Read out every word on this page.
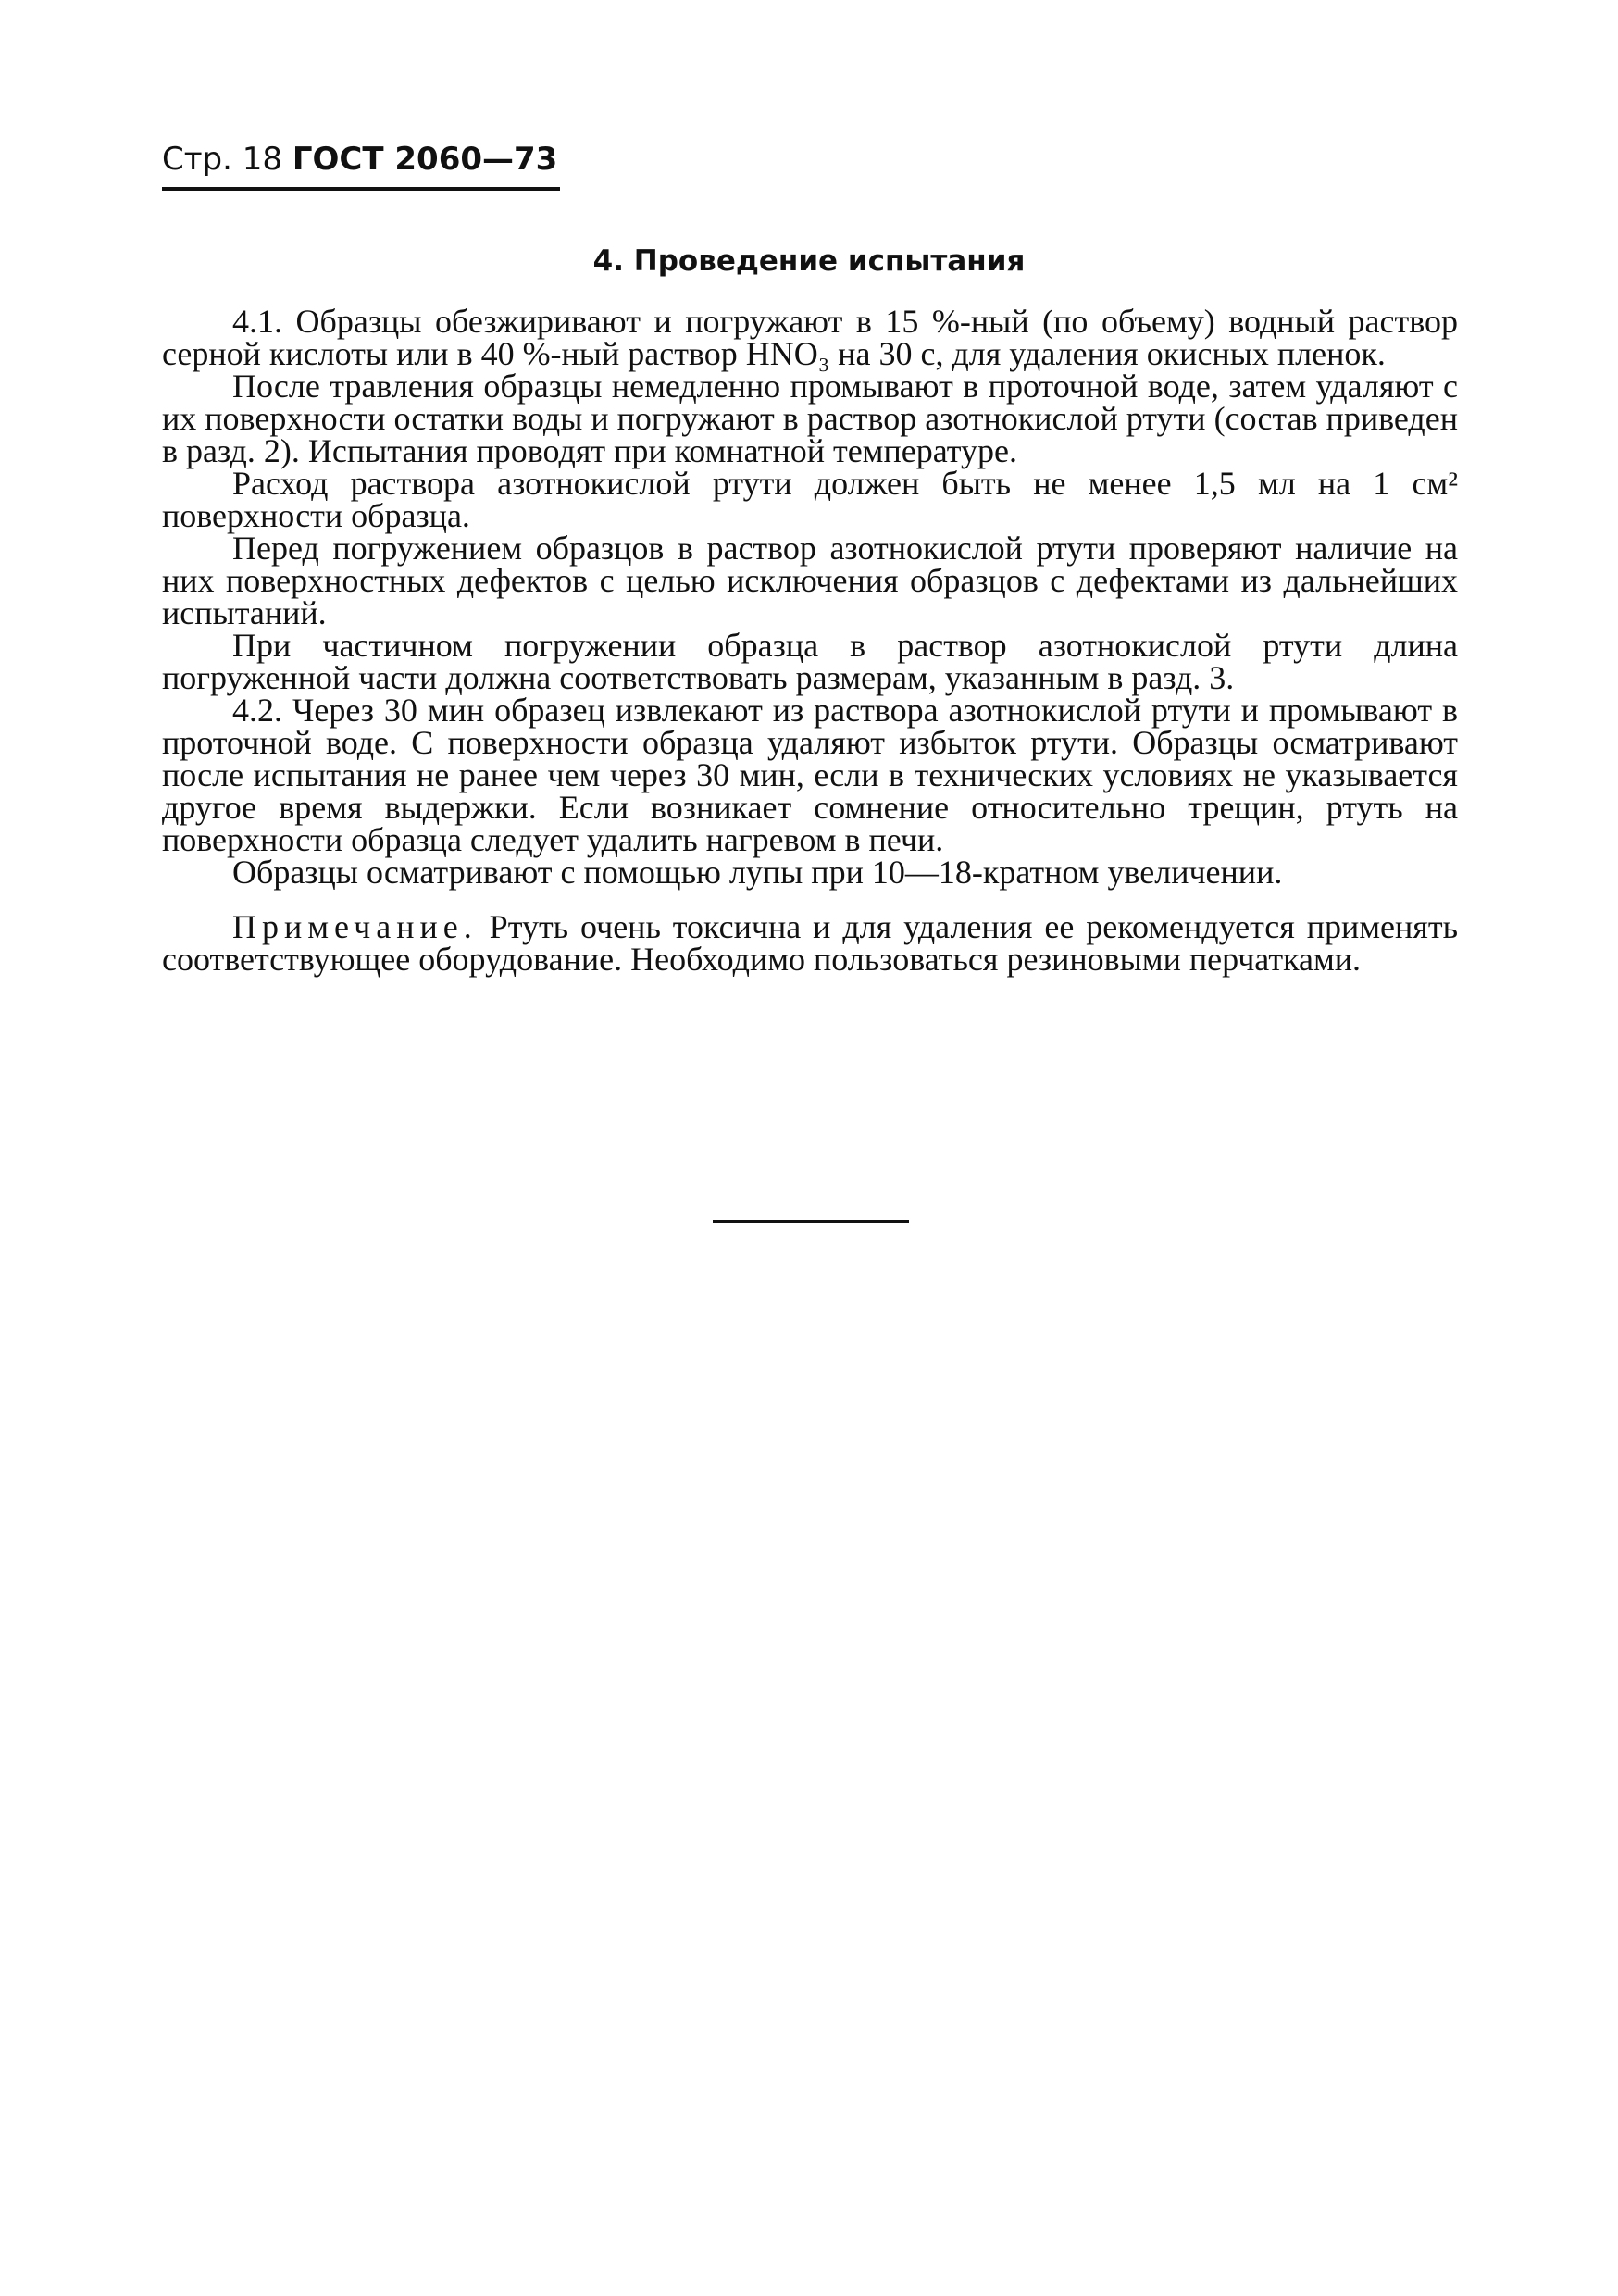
Стр. 18 ГОСТ 2060—73
4. Проведение испытания

4.1. Образцы обезжиривают и погружают в 15 %-ный (по объему) водный раствор серной кислоты или в 40 %-ный раствор HNO₃ на 30 с, для удаления окисных пленок.

После травления образцы немедленно промывают в проточной воде, затем удаляют с их поверхности остатки воды и погружают в раствор азотнокислой ртути (состав приведен в разд. 2). Испытания проводят при комнатной температуре.

Расход раствора азотнокислой ртути должен быть не менее 1,5 мл на 1 см² поверхности образца.

Перед погружением образцов в раствор азотнокислой ртути проверяют наличие на них поверхностных дефектов с целью исключения образцов с дефектами из дальнейших испытаний.

При частичном погружении образца в раствор азотнокислой ртути длина погруженной части должна соответствовать размерам, указанным в разд. 3.

4.2. Через 30 мин образец извлекают из раствора азотнокислой ртути и промывают в проточной воде. С поверхности образца удаляют избыток ртути. Образцы осматривают после испытания не ранее чем через 30 мин, если в технических условиях не указывается другое время выдержки. Если возникает сомнение относительно трещин, ртуть на поверхности образца следует удалить нагревом в печи.

Образцы осматривают с помощью лупы при 10—18-кратном увеличении.

Примечание. Ртуть очень токсична и для удаления ее рекомендуется применять соответствующее оборудование. Необходимо пользоваться резиновыми перчатками.
